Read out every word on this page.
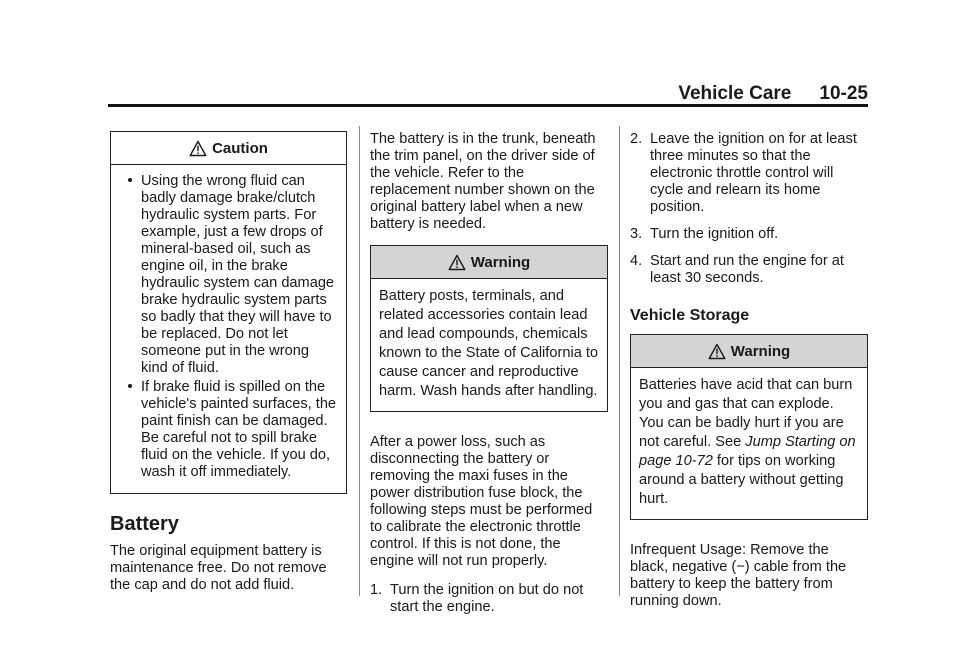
Vehicle Care 10-25
Caution
Using the wrong fluid can badly damage brake/clutch hydraulic system parts. For example, just a few drops of mineral-based oil, such as engine oil, in the brake hydraulic system can damage brake hydraulic system parts so badly that they will have to be replaced. Do not let someone put in the wrong kind of fluid.
If brake fluid is spilled on the vehicle's painted surfaces, the paint finish can be damaged. Be careful not to spill brake fluid on the vehicle. If you do, wash it off immediately.
Battery

The original equipment battery is maintenance free. Do not remove the cap and do not add fluid.

The battery is in the trunk, beneath the trim panel, on the driver side of the vehicle. Refer to the replacement number shown on the original battery label when a new battery is needed.

Warning
Battery posts, terminals, and related accessories contain lead and lead compounds, chemicals known to the State of California to cause cancer and reproductive harm. Wash hands after handling.

After a power loss, such as disconnecting the battery or removing the maxi fuses in the power distribution fuse block, the following steps must be performed to calibrate the electronic throttle control. If this is not done, the engine will not run properly.

1. Turn the ignition on but do not start the engine.
2. Leave the ignition on for at least three minutes so that the electronic throttle control will cycle and relearn its home position.
3. Turn the ignition off.
4. Start and run the engine for at least 30 seconds.
Vehicle Storage
Warning
Batteries have acid that can burn you and gas that can explode. You can be badly hurt if you are not careful. See Jump Starting on page 10-72 for tips on working around a battery without getting hurt.

Infrequent Usage: Remove the black, negative (−) cable from the battery to keep the battery from running down.
